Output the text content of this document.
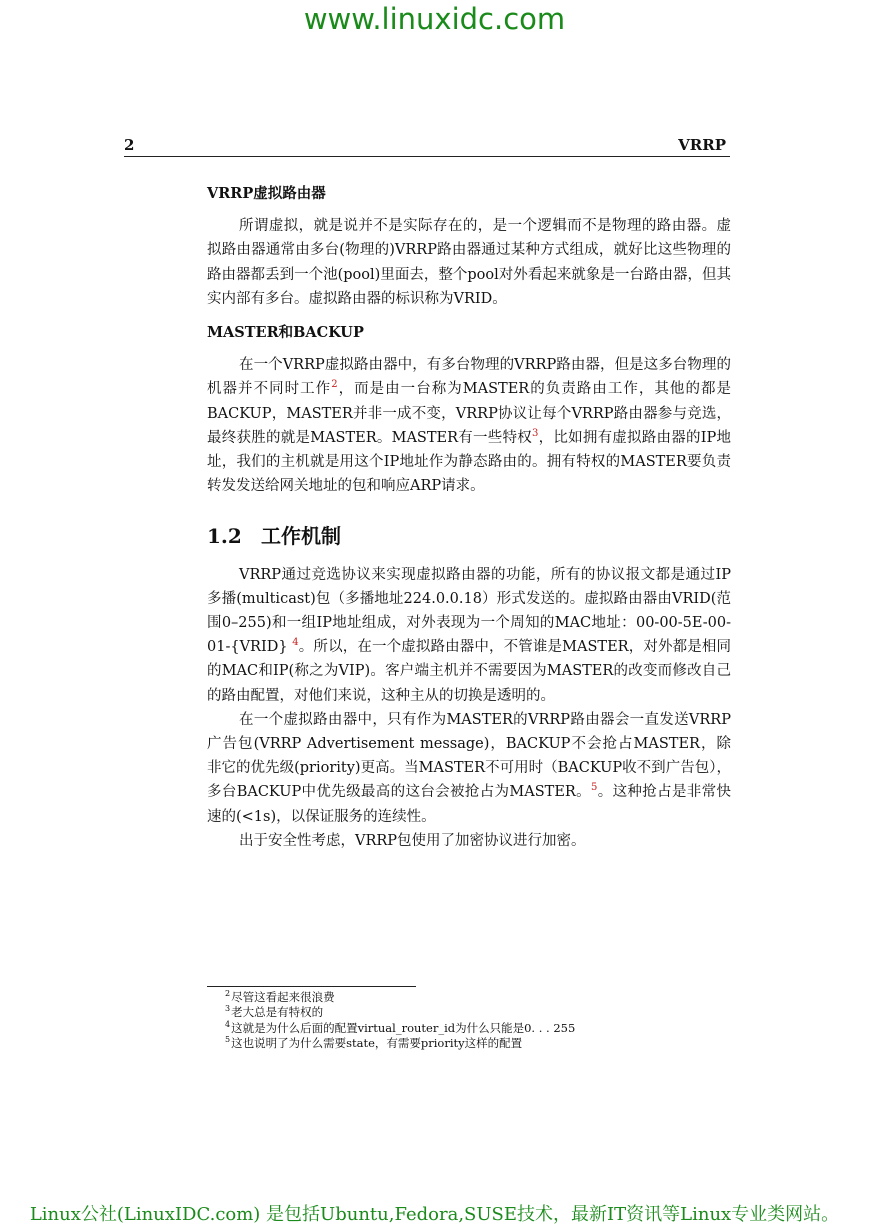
www.linuxidc.com
2	VRRP
VRRP虚拟路由器

所谓虚拟，就是说并不是实际存在的，是一个逻辑而不是物理的路由器。虚拟路由器通常由多台(物理的)VRRP路由器通过某种方式组成，就好比这些物理的路由器都丢到一个池(pool)里面去，整个pool对外看起来就象是一台路由器，但其实内部有多台。虚拟路由器的标识称为VRID。

MASTER和BACKUP

在一个VRRP虚拟路由器中，有多台物理的VRRP路由器，但是这多台物理的机器并不同时工作$^2$，而是由一台称为MASTER的负责路由工作，其他的都是BACKUP，MASTER并非一成不变，VRRP协议让每个VRRP路由器参与竞选，最终获胜的就是MASTER。MASTER有一些特权$^3$，比如拥有虚拟路由器的IP地址，我们的主机就是用这个IP地址作为静态路由的。拥有特权的MASTER要负责转发发送给网关地址的包和响应ARP请求。

1.2 工作机制

VRRP通过竞选协议来实现虚拟路由器的功能，所有的协议报文都是通过IP多播(multicast)包（多播地址224.0.0.18）形式发送的。虚拟路由器由VRID(范围0–255)和一组IP地址组成，对外表现为一个周知的MAC地址：00-00-5E-00-01-{VRID} $^4$。所以，在一个虚拟路由器中，不管谁是MASTER，对外都是相同的MAC和IP(称之为VIP)。客户端主机并不需要因为MASTER的改变而修改自己的路由配置，对他们来说，这种主从的切换是透明的。

在一个虚拟路由器中，只有作为MASTER的VRRP路由器会一直发送VRRP广告包(VRRP Advertisement message)，BACKUP不会抢占MASTER，除非它的优先级(priority)更高。当MASTER不可用时（BACKUP收不到广告包），多台BACKUP中优先级最高的这台会被抢占为MASTER。$^5$。这种抢占是非常快速的(<1s)，以保证服务的连续性。

出于安全性考虑，VRRP包使用了加密协议进行加密。

$^2$尽管这看起来很浪费
$^3$老大总是有特权的
$^4$这就是为什么后面的配置virtual_router_id为什么只能是0. . . 255
$^5$这也说明了为什么需要state，有需要priority这样的配置
Linux公社(LinuxIDC.com) 是包括Ubuntu,Fedora,SUSE技术，最新IT资讯等Linux专业类网站。
